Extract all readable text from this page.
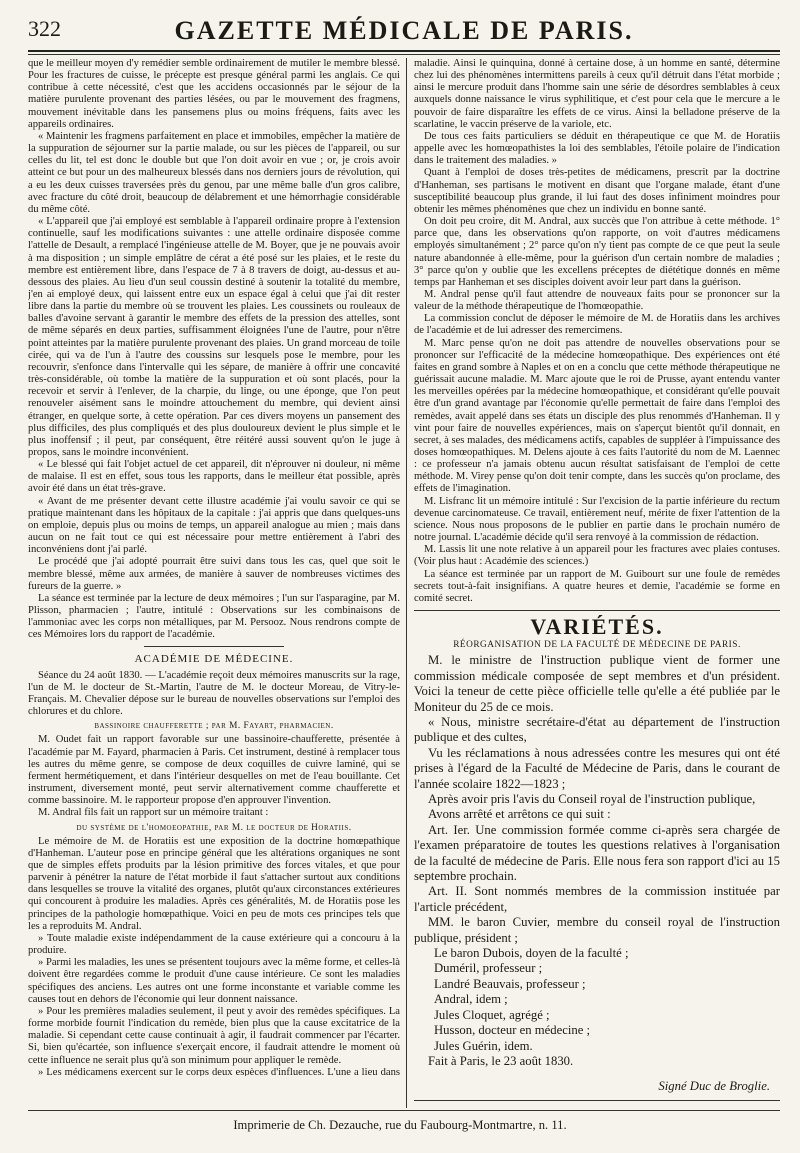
322	GAZETTE MÉDICALE DE PARIS.

que le meilleur moyen d'y remédier semble ordinairement de mutiler le membre blessé. Pour les fractures de cuisse, le précepte est presque général parmi les anglais. Ce qui contribue à cette nécessité, c'est que les accidens occasionnés par le séjour de la matière purulente provenant des parties lésées, ou par le mouvement des fragmens, mouvement inévitable dans les pansemens plus ou moins fréquens, faits avec les appareils ordinaires.

« Maintenir les fragmens parfaitement en place et immobiles, empêcher la matière de la suppuration de séjourner sur la partie malade, ou sur les pièces de l'appareil, ou sur celles du lit, tel est donc le double but que l'on doit avoir en vue ; or, je crois avoir atteint ce but pour un des malheureux blessés dans nos derniers jours de révolution, qui a eu les deux cuisses traversées près du genou, par une même balle d'un gros calibre, avec fracture du côté droit, beaucoup de délabrement et une hémorrhagie considérable du même côté.

« L'appareil que j'ai employé est semblable à l'appareil ordinaire propre à l'extension continuelle, sauf les modifications suivantes : une attelle ordinaire disposée comme l'attelle de Desault, a remplacé l'ingénieuse attelle de M. Boyer, que je ne pouvais avoir à ma disposition ; un simple emplâtre de cérat a été posé sur les plaies, et le reste du membre est entièrement libre, dans l'espace de 7 à 8 travers de doigt, au-dessus et au-dessous des plaies. Au lieu d'un seul coussin destiné à soutenir la totalité du membre, j'en ai employé deux, qui laissent entre eux un espace égal à celui que j'ai dit rester libre dans la partie du membre où se trouvent les plaies. Les coussinets ou rouleaux de balles d'avoine servant à garantir le membre des effets de la pression des attelles, sont de même séparés en deux parties, suffisamment éloignées l'une de l'autre, pour n'être point atteintes par la matière purulente provenant des plaies. Un grand morceau de toile cirée, qui va de l'un à l'autre des coussins sur lesquels pose le membre, pour les recouvrir, s'enfonce dans l'intervalle qui les sépare, de manière à offrir une concavité très-considérable, où tombe la matière de la suppuration et où sont placés, pour la recevoir et servir à l'enlever, de la charpie, du linge, ou une éponge, que l'on peut renouveler aisément sans le moindre attouchement du membre, qui devient ainsi étranger, en quelque sorte, à cette opération. Par ces divers moyens un pansement des plus difficiles, des plus compliqués et des plus douloureux devient le plus simple et le plus inoffensif ; il peut, par conséquent, être réitéré aussi souvent qu'on le juge à propos, sans le moindre inconvénient.

« Le blessé qui fait l'objet actuel de cet appareil, dit n'éprouver ni douleur, ni même de malaise. Il est en effet, sous tous les rapports, dans le meilleur état possible, après avoir été dans un état très-grave.

« Avant de me présenter devant cette illustre académie j'ai voulu savoir ce qui se pratique maintenant dans les hôpitaux de la capitale : j'ai appris que dans quelques-uns on emploie, depuis plus ou moins de temps, un appareil analogue au mien ; mais dans aucun on ne fait tout ce qui est nécessaire pour mettre entièrement à l'abri des inconvéniens dont j'ai parlé.

Le procédé que j'ai adopté pourrait être suivi dans tous les cas, quel que soit le membre blessé, même aux armées, de manière à sauver de nombreuses victimes des fureurs de la guerre. »

La séance est terminée par la lecture de deux mémoires ; l'un sur l'asparagine, par M. Plisson, pharmacien ; l'autre, intitulé : Observations sur les combinaisons de l'ammoniac avec les corps non métalliques, par M. Persooz. Nous rendrons compte de ces Mémoires lors du rapport de l'académie.

ACADÉMIE DE MÉDECINE.

Séance du 24 août 1830. — L'académie reçoit deux mémoires manuscrits sur la rage, l'un de M. le docteur de St.-Martin, l'autre de M. le docteur Moreau, de Vitry-le-Français. M. Chevalier dépose sur le bureau de nouvelles observations sur l'emploi des chlorures et du chlore.

bassinoire chaufferette ; par M. Fayart, pharmacien.

M. Oudet fait un rapport favorable sur une bassinoire-chaufferette, présentée à l'académie par M. Fayard, pharmacien à Paris. Cet instrument, destiné à remplacer tous les autres du même genre, se compose de deux coquilles de cuivre laminé, qui se ferment hermétiquement, et dans l'intérieur desquelles on met de l'eau bouillante. Cet instrument, diversement monté, peut servir alternativement comme chaufferette et comme bassinoire. M. le rapporteur propose d'en approuver l'invention.

M. Andral fils fait un rapport sur un mémoire traitant :

du système de l'homoeopathie, par M. le docteur de Horatiis.

Le mémoire de M. de Horatiis est une exposition de la doctrine homœpathique d'Hanheman. L'auteur pose en principe général que les altérations organiques ne sont que de simples effets produits par la lésion primitive des forces vitales, et que pour parvenir à pénétrer la nature de l'état morbide il faut s'attacher surtout aux conditions dans lesquelles se trouve la vitalité des organes, plutôt qu'aux circonstances extérieures qui concourent à produire les maladies. Après ces généralités, M. de Horatiis pose les principes de la pathologie homœpathique. Voici en peu de mots ces principes tels que les a reproduits M. Andral.

» Toute maladie existe indépendamment de la cause extérieure qui a concouru à la produire.

» Parmi les maladies, les unes se présentent toujours avec la même forme, et celles-là doivent être regardées comme le produit d'une cause intérieure. Ce sont les maladies spécifiques des anciens. Les autres ont une forme inconstante et variable comme les causes tout en dehors de l'économie qui leur donnent naissance.

» Pour les premières maladies seulement, il peut y avoir des remèdes spécifiques. La forme morbide fournit l'indication du remède, bien plus que la cause excitatrice de la maladie. Si cependant cette cause continuait à agir, il faudrait commencer par l'écarter. Si, bien qu'écartée, son influence s'exerçait encore, il faudrait attendre le moment où cette influence ne serait plus qu'à son minimum pour appliquer le remède.

» Les médicamens exercent sur le corps deux espèces d'influences. L'une a lieu dans

maladie. Ainsi le quinquina, donné à certaine dose, à un homme en santé, détermine chez lui des phénomènes intermittens pareils à ceux qu'il détruit dans l'état morbide ; ainsi le mercure produit dans l'homme sain une série de désordres semblables à ceux auxquels donne naissance le virus syphilitique, et c'est pour cela que le mercure a le pouvoir de faire disparaître les effets de ce virus. Ainsi la belladone préserve de la scarlatine, le vaccin préserve de la variole, etc.

De tous ces faits particuliers se déduit en thérapeutique ce que M. de Horatiis appelle avec les homœopathistes la loi des semblables, l'étoile polaire de l'indication dans le traitement des maladies. »

Quant à l'emploi de doses très-petites de médicamens, prescrit par la doctrine d'Hanheman, ses partisans le motivent en disant que l'organe malade, étant d'une susceptibilité beaucoup plus grande, il lui faut des doses infiniment moindres pour obtenir les mêmes phénomènes que chez un individu en bonne santé.

On doit peu croire, dit M. Andral, aux succès que l'on attribue à cette méthode. 1° parce que, dans les observations qu'on rapporte, on voit d'autres médicamens employés simultanément ; 2° parce qu'on n'y tient pas compte de ce que peut la seule nature abandonnée à elle-même, pour la guérison d'un certain nombre de maladies ; 3° parce qu'on y oublie que les excellens préceptes de diététique donnés en même temps par Hanheman et ses disciples doivent avoir leur part dans la guérison.

M. Andral pense qu'il faut attendre de nouveaux faits pour se prononcer sur la valeur de la méthode thérapeutique de l'homœopathie.

La commission conclut de déposer le mémoire de M. de Horatiis dans les archives de l'académie et de lui adresser des remercimens.

M. Marc pense qu'on ne doit pas attendre de nouvelles observations pour se prononcer sur l'efficacité de la médecine homœopathique. Des expériences ont été faites en grand sombre à Naples et on en a conclu que cette méthode thérapeutique ne guérissait aucune maladie. M. Marc ajoute que le roi de Prusse, ayant entendu vanter les merveilles opérées par la médecine homœopathique, et considérant qu'elle pouvait être d'un grand avantage par l'économie qu'elle permettait de faire dans l'emploi des remèdes, avait appelé dans ses états un disciple des plus renommés d'Hanheman. Il y vint pour faire de nouvelles expériences, mais on s'aperçut bientôt qu'il donnait, en secret, à ses malades, des médicamens actifs, capables de suppléer à l'impuissance des doses homœopathiques. M. Delens ajoute à ces faits l'autorité du nom de M. Laennec : ce professeur n'a jamais obtenu aucun résultat satisfaisant de l'emploi de cette méthode. M. Virey pense qu'on doit tenir compte, dans les succès qu'on proclame, des effets de l'imagination.

M. Lisfranc lit un mémoire intitulé : Sur l'excision de la partie inférieure du rectum devenue carcinomateuse. Ce travail, entièrement neuf, mérite de fixer l'attention de la science. Nous nous proposons de le publier en partie dans le prochain numéro de notre journal. L'académie décide qu'il sera renvoyé à la commission de rédaction.

M. Lassis lit une note relative à un appareil pour les fractures avec plaies contuses. (Voir plus haut : Académie des sciences.)

La séance est terminée par un rapport de M. Guibourt sur une foule de remèdes secrets tout-à-fait insignifians. A quatre heures et demie, l'académie se forme en comité secret.

VARIÉTÉS.
RÉORGANISATION DE LA FACULTÉ DE MÉDECINE DE PARIS.

M. le ministre de l'instruction publique vient de former une commission médicale composée de sept membres et d'un président. Voici la teneur de cette pièce officielle telle qu'elle a été publiée par le Moniteur du 25 de ce mois.

« Nous, ministre secrétaire-d'état au département de l'instruction publique et des cultes,

Vu les réclamations à nous adressées contre les mesures qui ont été prises à l'égard de la Faculté de Médecine de Paris, dans le courant de l'année scolaire 1822—1823 ;

Après avoir pris l'avis du Conseil royal de l'instruction publique,

Avons arrêté et arrêtons ce qui suit :

Art. Ier. Une commission formée comme ci-après sera chargée de l'examen préparatoire de toutes les questions relatives à l'organisation de la faculté de médecine de Paris. Elle nous fera son rapport d'ici au 15 septembre prochain.

Art. II. Sont nommés membres de la commission instituée par l'article précédent,

MM. le baron Cuvier, membre du conseil royal de l'instruction publique, président ;

Le baron Dubois, doyen de la faculté ;
Duméril, professeur ;
Landré Beauvais, professeur ;
Andral, idem ;
Jules Cloquet, agrégé ;
Husson, docteur en médecine ;
Jules Guérin, idem.

Fait à Paris, le 23 août 1830.

Signé Duc de Broglie.

Imprimerie de Ch. Dezauche, rue du Faubourg-Montmartre, n. 11.
